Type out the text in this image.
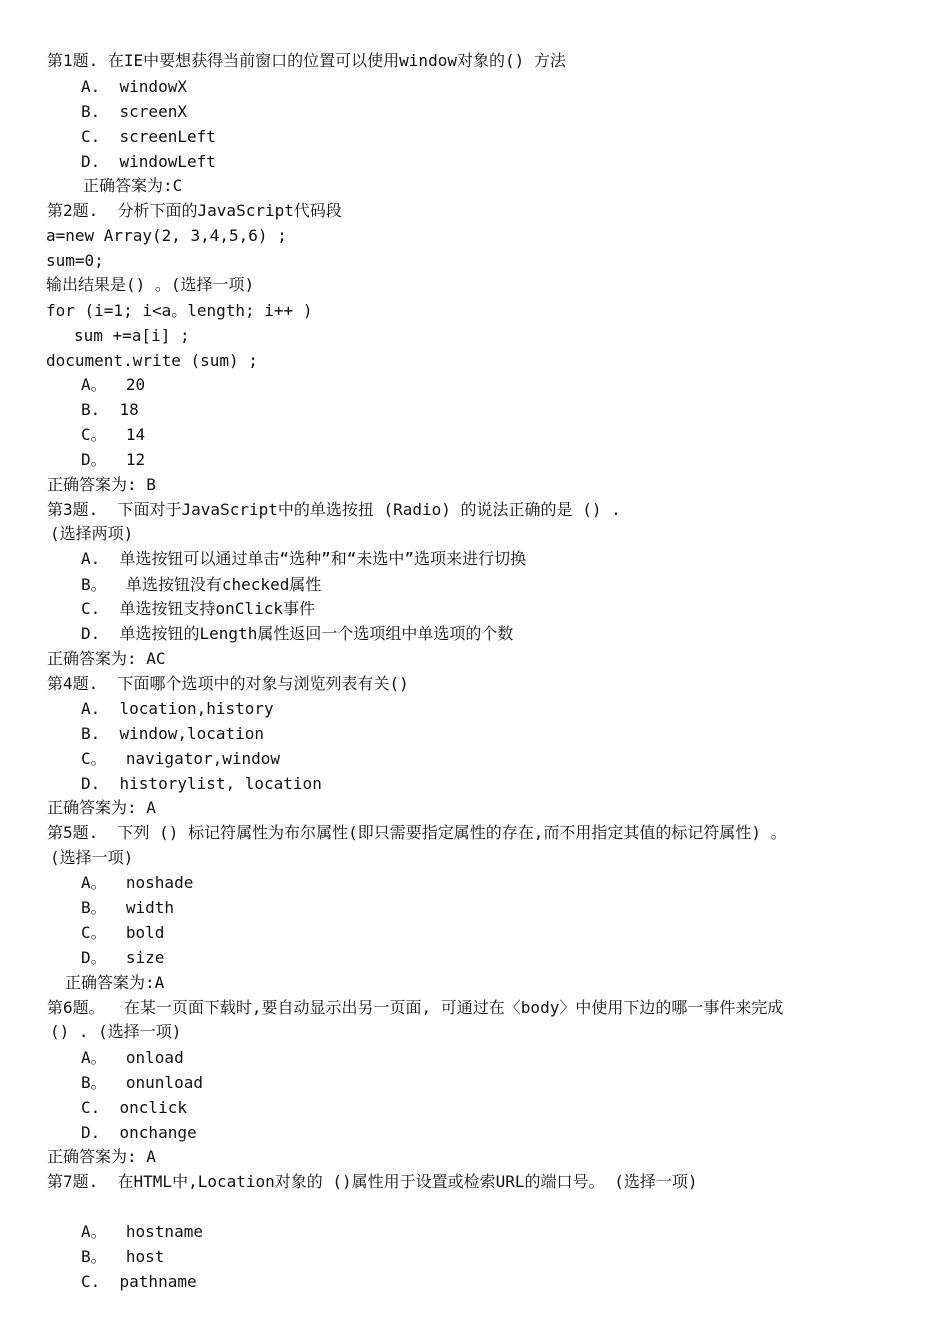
第1题. 在IE中要想获得当前窗口的位置可以使用window对象的() 方法
A.  windowX
B.  screenX
C.  screenLeft
D.  windowLeft
正确答案为:C
第2题.  分析下面的JavaScript代码段
a=new Array(2, 3,4,5,6) ;
sum=0;
输出结果是() 。(选择一项)
for (i=1; i<a。length; i++ )
sum +=a[i] ;
document.write (sum) ;
A。  20
B.  18
C。  14
D。  12
正确答案为: B
第3题.  下面对于JavaScript中的单选按扭 (Radio) 的说法正确的是 () .
(选择两项)
A.  单选按钮可以通过单击“选种”和“未选中”选项来进行切换
B。  单选按钮没有checked属性
C.  单选按钮支持onClick事件
D.  单选按钮的Length属性返回一个选项组中单选项的个数
正确答案为: AC
第4题.  下面哪个选项中的对象与浏览列表有关()
A.  location,history
B.  window,location
C。  navigator,window
D.  historylist, location
正确答案为: A
第5题.  下列 () 标记符属性为布尔属性(即只需要指定属性的存在,而不用指定其值的标记符属性) 。
(选择一项)
A。  noshade
B。  width
C。  bold
D。  size
正确答案为:A
第6题。  在某一页面下载时,要自动显示出另一页面, 可通过在〈body〉中使用下边的哪一事件来完成
() . (选择一项)
A。  onload
B。  onunload
C.  onclick
D.  onchange
正确答案为: A
第7题.  在HTML中,Location对象的 ()属性用于设置或检索URL的端口号。 (选择一项)
A。  hostname
B。  host
C.  pathname
